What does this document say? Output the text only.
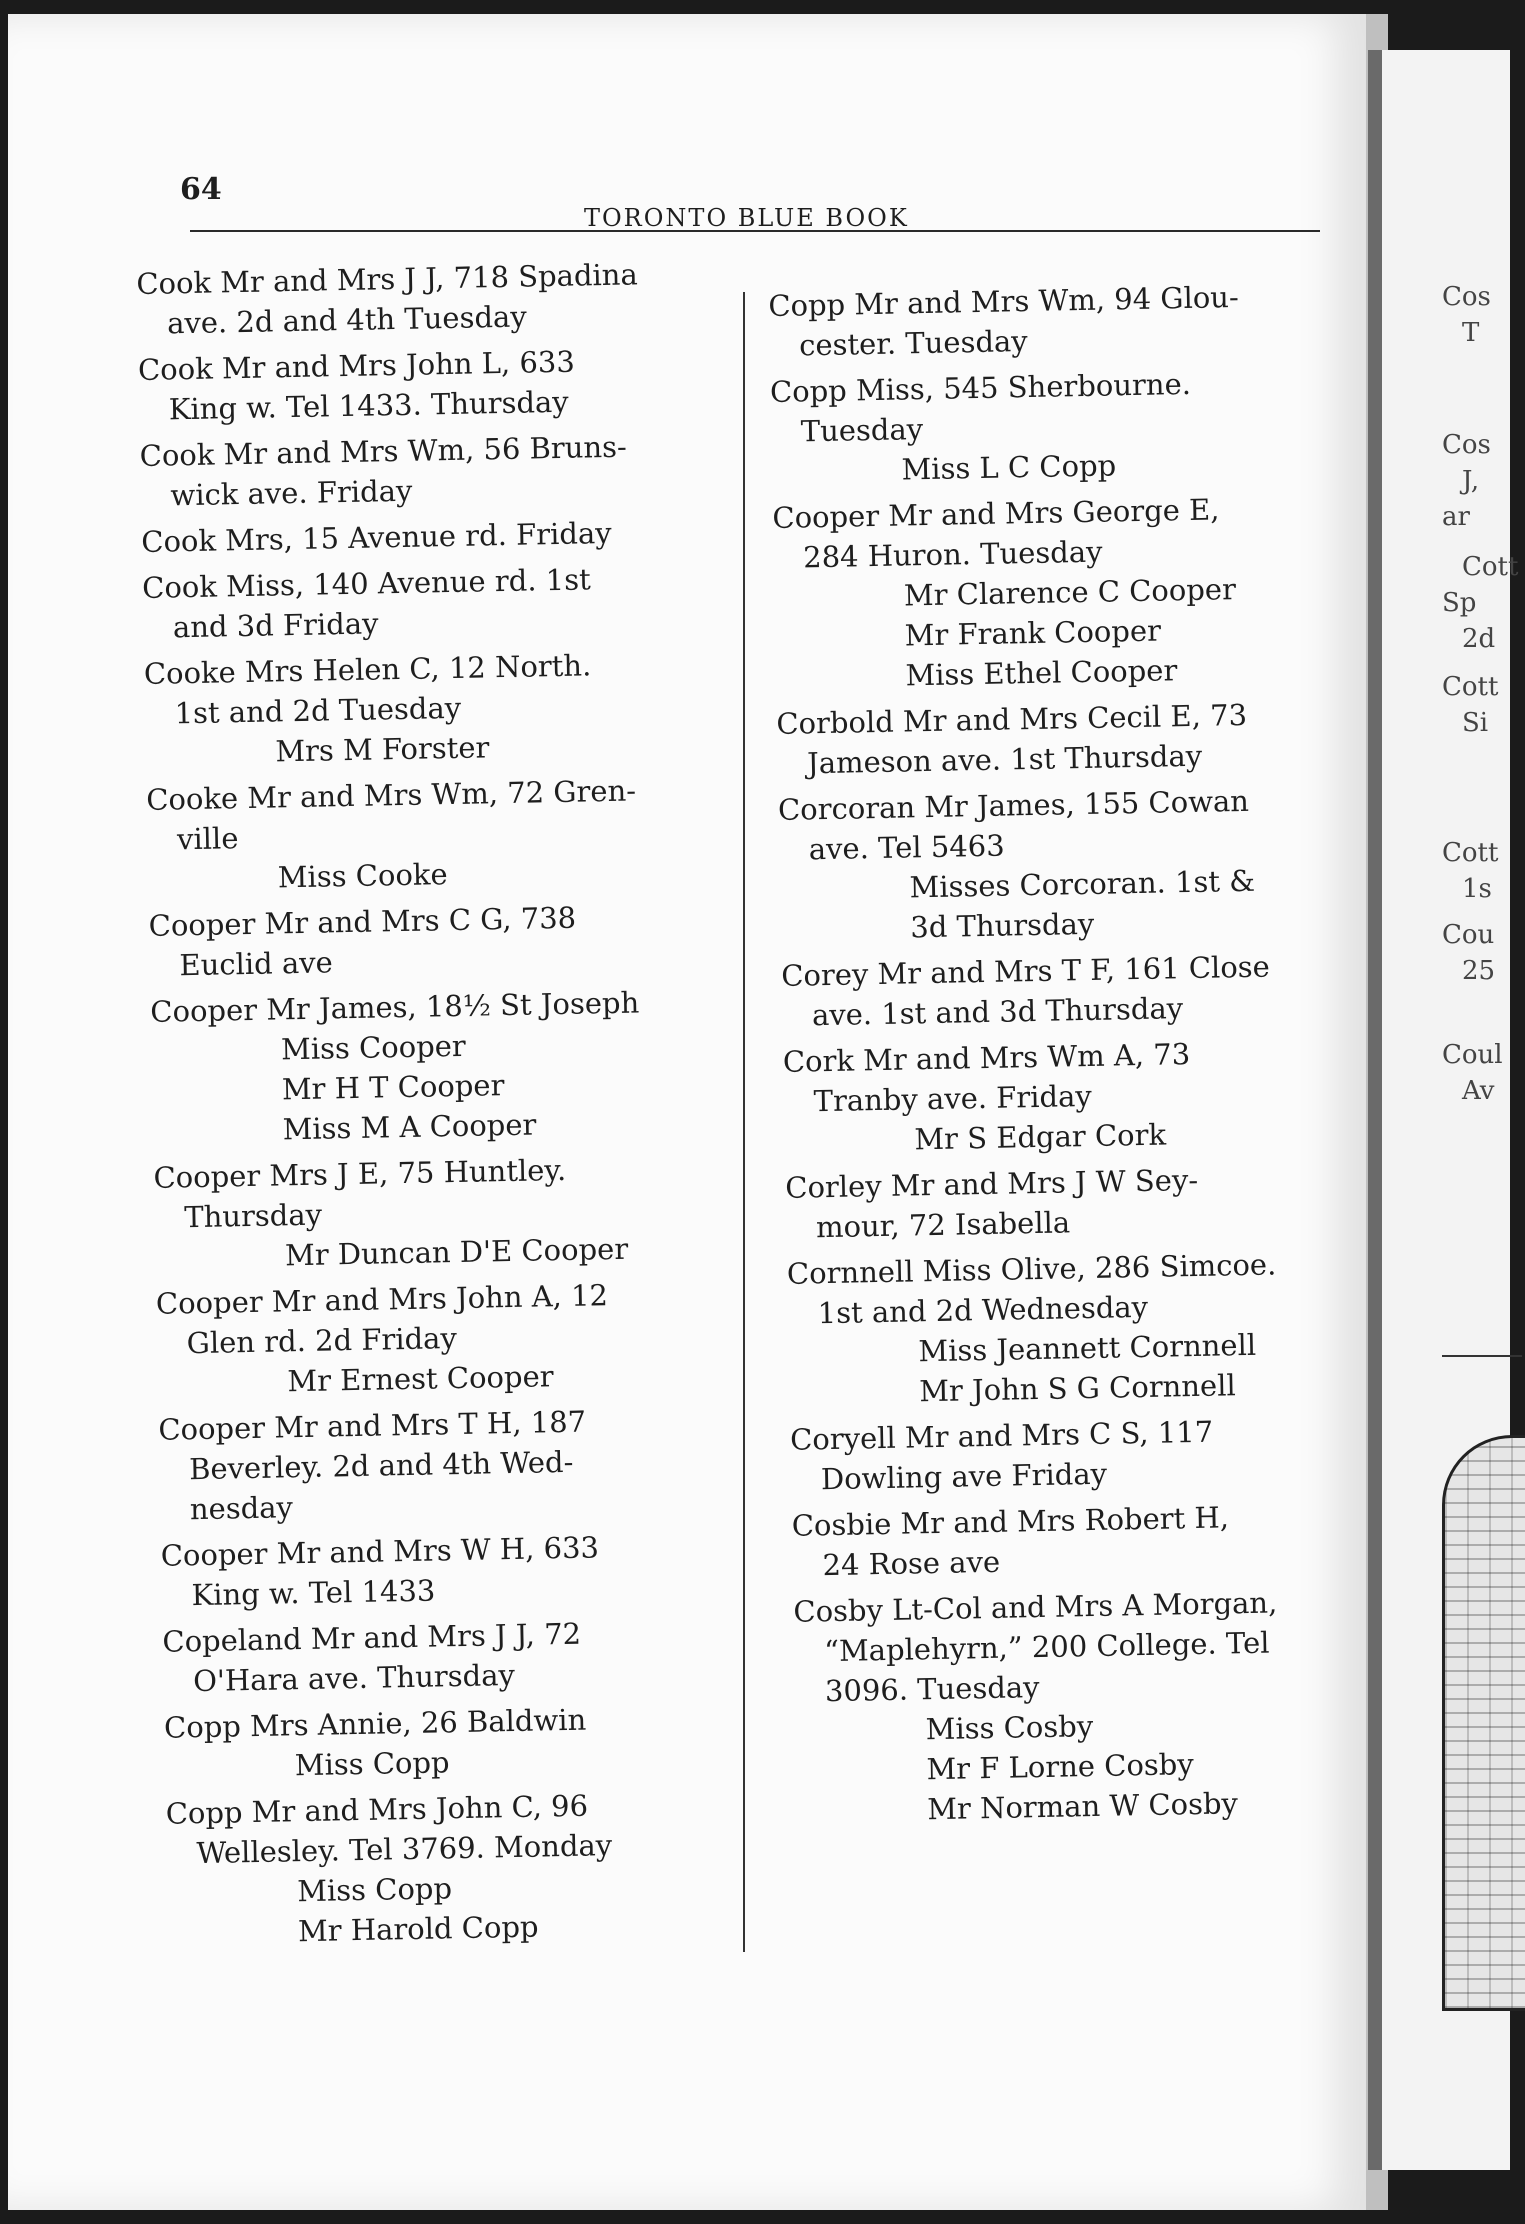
64
TORONTO BLUE BOOK
Cook Mr and Mrs J J, 718 Spadina
ave. 2d and 4th Tuesday
Cook Mr and Mrs John L, 633
King w. Tel 1433. Thursday
Cook Mr and Mrs Wm, 56 Bruns-
wick ave. Friday
Cook Mrs, 15 Avenue rd. Friday
Cook Miss, 140 Avenue rd. 1st
and 3d Friday
Cooke Mrs Helen C, 12 North.
1st and 2d Tuesday
Mrs M Forster
Cooke Mr and Mrs Wm, 72 Gren-
ville
Miss Cooke
Cooper Mr and Mrs C G, 738
Euclid ave
Cooper Mr James, 18½ St Joseph
Miss Cooper
Mr H T Cooper
Miss M A Cooper
Cooper Mrs J E, 75 Huntley.
Thursday
Mr Duncan D'E Cooper
Cooper Mr and Mrs John A, 12
Glen rd. 2d Friday
Mr Ernest Cooper
Cooper Mr and Mrs T H, 187
Beverley. 2d and 4th Wed-
nesday
Cooper Mr and Mrs W H, 633
King w. Tel 1433
Copeland Mr and Mrs J J, 72
O'Hara ave. Thursday
Copp Mrs Annie, 26 Baldwin
Miss Copp
Copp Mr and Mrs John C, 96
Wellesley. Tel 3769. Monday
Miss Copp
Mr Harold Copp
Copp Mr and Mrs Wm, 94 Glou-
cester. Tuesday
Copp Miss, 545 Sherbourne.
Tuesday
Miss L C Copp
Cooper Mr and Mrs George E,
284 Huron. Tuesday
Mr Clarence C Cooper
Mr Frank Cooper
Miss Ethel Cooper
Corbold Mr and Mrs Cecil E, 73
Jameson ave. 1st Thursday
Corcoran Mr James, 155 Cowan
ave. Tel 5463
Misses Corcoran. 1st &
3d Thursday
Corey Mr and Mrs T F, 161 Close
ave. 1st and 3d Thursday
Cork Mr and Mrs Wm A, 73
Tranby ave. Friday
Mr S Edgar Cork
Corley Mr and Mrs J W Sey-
mour, 72 Isabella
Cornnell Miss Olive, 286 Simcoe.
1st and 2d Wednesday
Miss Jeannett Cornnell
Mr John S G Cornnell
Coryell Mr and Mrs C S, 117
Dowling ave Friday
Cosbie Mr and Mrs Robert H,
24 Rose ave
Cosby Lt-Col and Mrs A Morgan,
“Maplehyrn,” 200 College. Tel
3096. Tuesday
Miss Cosby
Mr F Lorne Cosby
Mr Norman W Cosby
Cos
T
Cos
J,
ar
Cott
Sp
2d
Cott
Si
Cott
1s
Cou
25
Coul
Av
